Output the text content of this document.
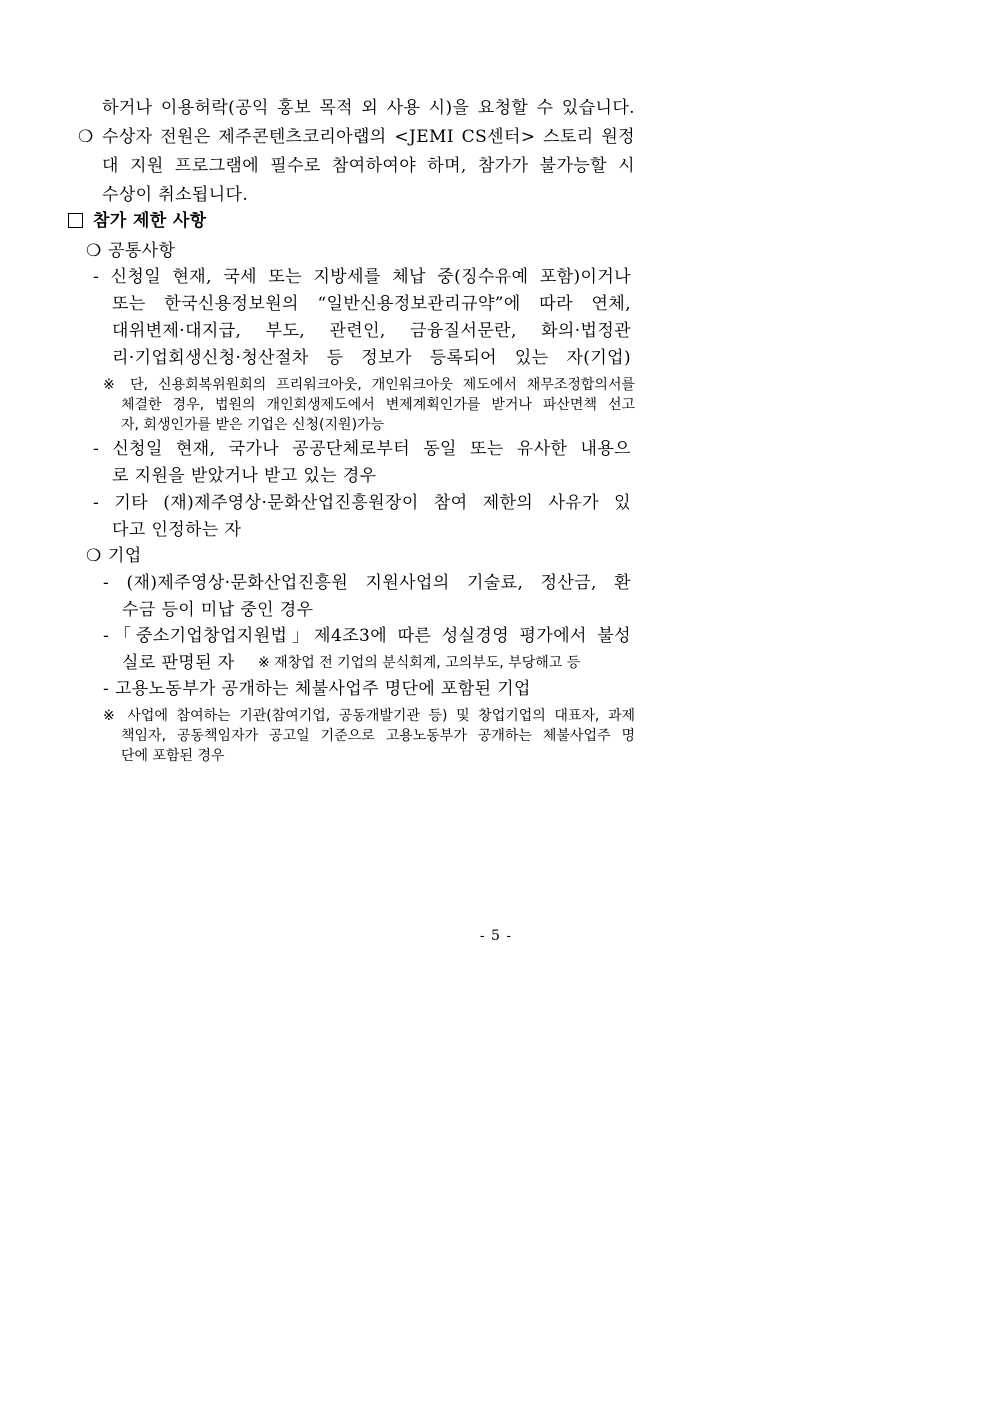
하거나 이용허락(공익 홍보 목적 외 사용 시)을 요청할 수 있습니다.
❍ 수상자 전원은 제주콘텐츠코리아랩의 <JEMI CS센터> 스토리 원정
대 지원 프로그램에 필수로 참여하여야 하며, 참가가 불가능할 시
수상이 취소됩니다.
참가 제한 사항
❍ 공통사항
- 신청일 현재, 국세 또는 지방세를 체납 중(징수유예 포함)이거나
또는 한국신용정보원의 “일반신용정보관리규약”에 따라 연체,
대위변제·대지급, 부도, 관련인, 금융질서문란, 화의·법정관
리·기업회생신청·청산절차 등 정보가 등록되어 있는 자(기업)
※ 단, 신용회복위원회의 프리워크아웃, 개인워크아웃 제도에서 채무조정합의서를
체결한 경우, 법원의 개인회생제도에서 변제계획인가를 받거나 파산면책 선고
자, 회생인가를 받은 기업은 신청(지원)가능
- 신청일 현재, 국가나 공공단체로부터 동일 또는 유사한 내용으
로 지원을 받았거나 받고 있는 경우
- 기타 (재)제주영상·문화산업진흥원장이 참여 제한의 사유가 있
다고 인정하는 자
❍ 기업
- (재)제주영상·문화산업진흥원 지원사업의 기술료, 정산금, 환
수금 등이 미납 중인 경우
-「중소기업창업지원법」제4조3에 따른 성실경영 평가에서 불성
실로 판명된 자 ※ 재창업 전 기업의 분식회계, 고의부도, 부당해고 등
- 고용노동부가 공개하는 체불사업주 명단에 포함된 기업
※ 사업에 참여하는 기관(참여기업, 공동개발기관 등) 및 창업기업의 대표자, 과제
책임자, 공동책임자가 공고일 기준으로 고용노동부가 공개하는 체불사업주 명
단에 포함된 경우
- 5 -
